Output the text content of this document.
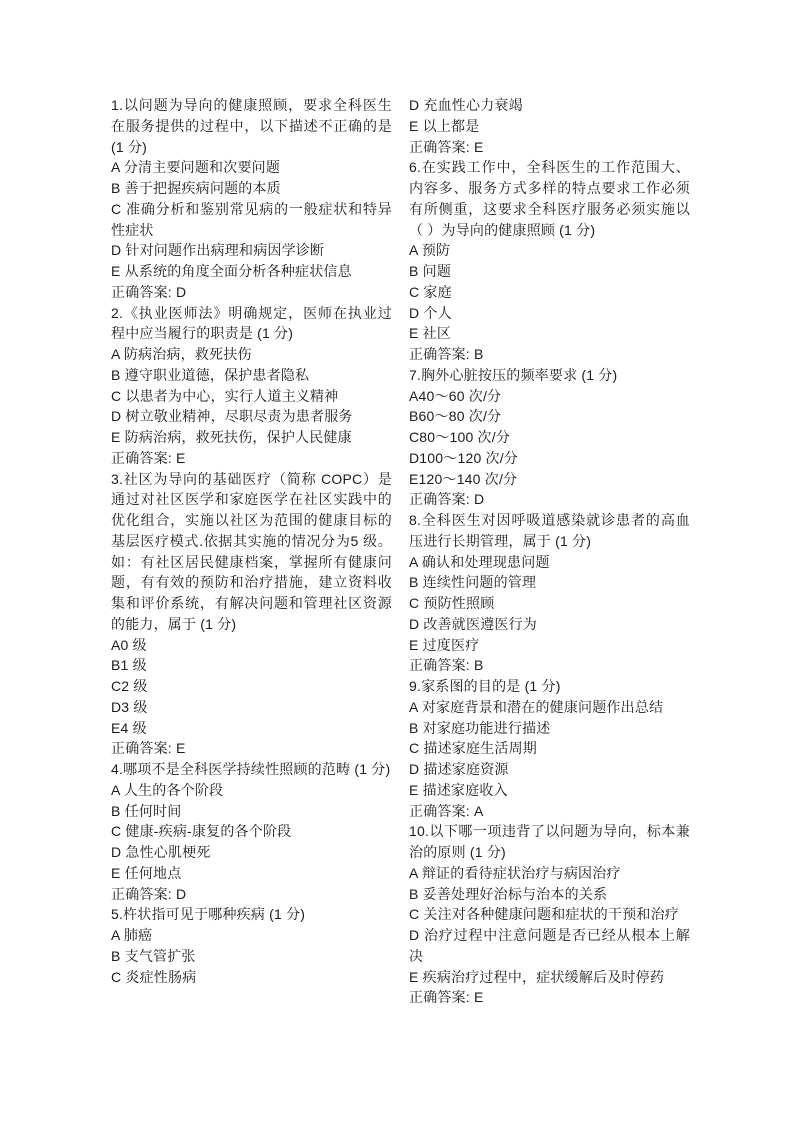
1.以问题为导向的健康照顾，要求全科医生在服务提供的过程中，以下描述不正确的是 (1 分)
A 分清主要问题和次要问题
B 善于把握疾病问题的本质
C 准确分析和鉴别常见病的一般症状和特异性症状
D 针对问题作出病理和病因学诊断
E 从系统的角度全面分析各种症状信息
正确答案: D
2.《执业医师法》明确规定，医师在执业过程中应当履行的职责是 (1 分)
A 防病治病，救死扶伤
B 遵守职业道德，保护患者隐私
C 以患者为中心，实行人道主义精神
D 树立敬业精神，尽职尽责为患者服务
E 防病治病，救死扶伤，保护人民健康
正确答案: E
3.社区为导向的基础医疗（简称 COPC）是通过对社区医学和家庭医学在社区实践中的优化组合，实施以社区为范围的健康目标的基层医疗模式.依据其实施的情况分为5 级。如：有社区居民健康档案，掌握所有健康问题，有有效的预防和治疗措施，建立资料收集和评价系统，有解决问题和管理社区资源的能力，属于 (1 分)
A0 级
B1 级
C2 级
D3 级
E4 级
正确答案: E
4.哪项不是全科医学持续性照顾的范畴 (1 分)
A 人生的各个阶段
B 任何时间
C 健康-疾病-康复的各个阶段
D 急性心肌梗死
E 任何地点
正确答案: D
5.杵状指可见于哪种疾病 (1 分)
A 肺癌
B 支气管扩张
C 炎症性肠病
D 充血性心力衰竭
E 以上都是
正确答案: E
6.在实践工作中，全科医生的工作范围大、内容多、服务方式多样的特点要求工作必须有所侧重，这要求全科医疗服务必须实施以（ ）为导向的健康照顾 (1 分)
A 预防
B 问题
C 家庭
D 个人
E 社区
正确答案: B
7.胸外心脏按压的频率要求 (1 分)
A40～60 次/分
B60～80 次/分
C80～100 次/分
D100～120 次/分
E120～140 次/分
正确答案: D
8.全科医生对因呼吸道感染就诊患者的高血压进行长期管理，属于 (1 分)
A 确认和处理现患问题
B 连续性问题的管理
C 预防性照顾
D 改善就医遵医行为
E 过度医疗
正确答案: B
9.家系图的目的是 (1 分)
A 对家庭背景和潜在的健康问题作出总结
B 对家庭功能进行描述
C 描述家庭生活周期
D 描述家庭资源
E 描述家庭收入
正确答案: A
10.以下哪一项违背了以问题为导向，标本兼治的原则 (1 分)
A 辩证的看待症状治疗与病因治疗
B 妥善处理好治标与治本的关系
C 关注对各种健康问题和症状的干预和治疗
D 治疗过程中注意问题是否已经从根本上解决
E 疾病治疗过程中，症状缓解后及时停药
正确答案: E
